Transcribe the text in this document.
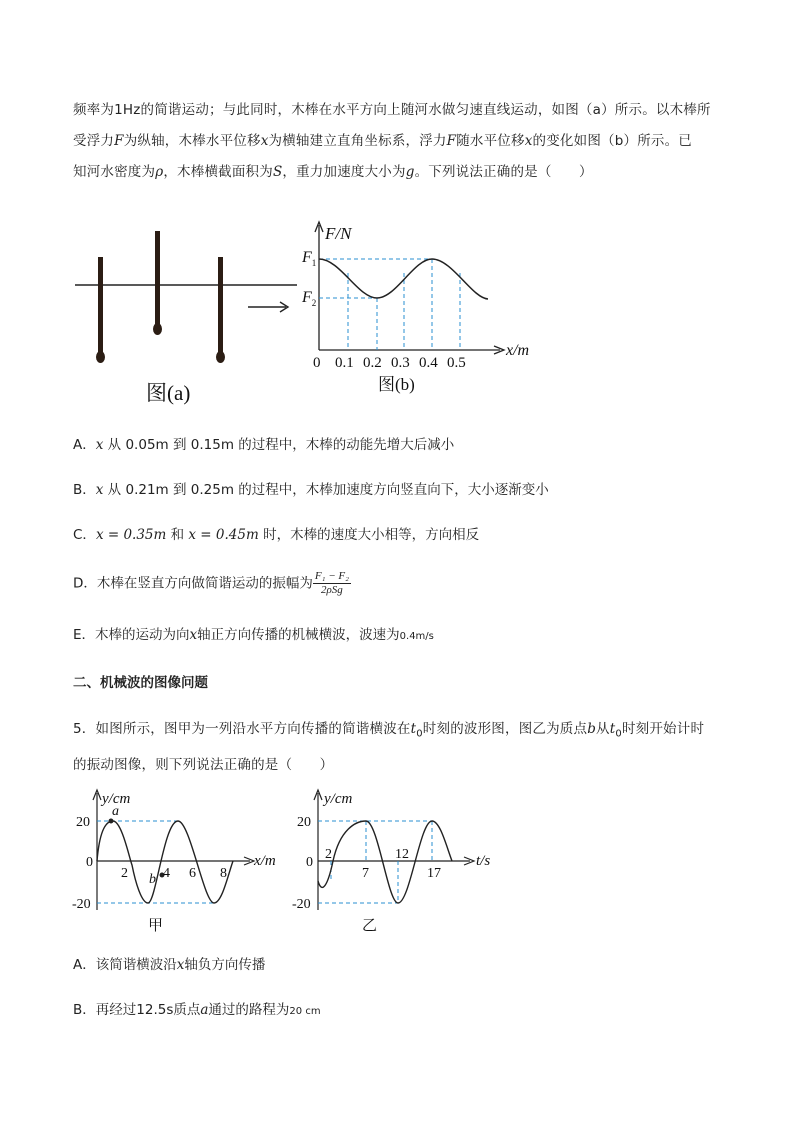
频率为1Hz的简谐运动；与此同时，木棒在水平方向上随河水做匀速直线运动，如图（a）所示。以木棒所
受浮力F为纵轴，木棒水平位移x为横轴建立直角坐标系，浮力F随水平位移x的变化如图（b）所示。已
知河水密度为ρ，木棒横截面积为S，重力加速度大小为g。下列说法正确的是（　　）
图(a)
F/N
x/m
$F_1$
$F_2$
0 0.1 0.2 0.3 0.4 0.5
图(b)
A．x 从 0.05m 到 0.15m 的过程中，木棒的动能先增大后减小
B．x 从 0.21m 到 0.25m 的过程中，木棒加速度方向竖直向下，大小逐渐变小
C．x = 0.35m 和 x = 0.45m 时，木棒的速度大小相等，方向相反
D．木棒在竖直方向做简谐运动的振幅为 $\frac{\text{F₁ − F₂}}{\text{2ρSg}}$
E．木棒的运动为向x轴正方向传播的机械横波，波速为0.4m/s
二、机械波的图像问题
5．如图所示，图甲为一列沿水平方向传播的简谐横波在$t_0$时刻的波形图，图乙为质点b从$t_0$时刻开始计时
的振动图像，则下列说法正确的是（　　）
y/cm
x/m
a
b
20
0
-20
2	4 6 8
甲
y/cm
t/s
20
0
-20
2
7
12
17
乙
A．该简谐横波沿x轴负方向传播
B．再经过12.5s质点a通过的路程为20 cm
